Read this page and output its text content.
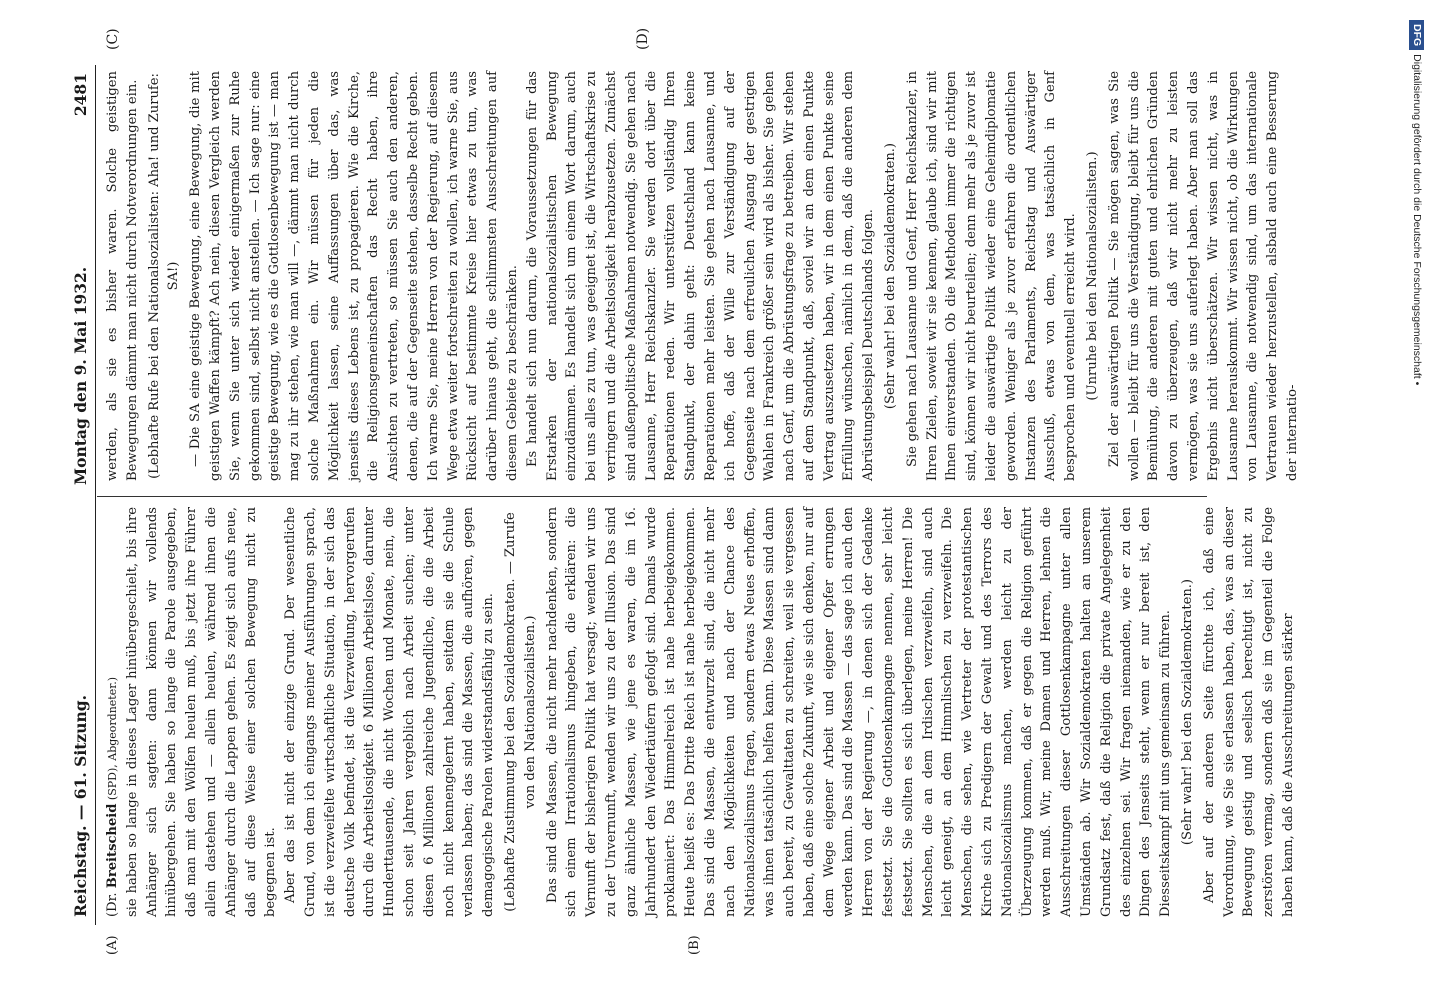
Reichstag. — 61. Sitzung.
Montag den 9. Mai 1932.
2481
(A)	(B)
(C)	(D)

(Dr. Breitscheid (SPD), Abgeordneter.) sie haben so lange in dieses Lager hinübergeschielt, bis ihre Anhänger sich sagten: dann können wir vollends hinübergehen. Sie haben so lange die Parole ausgegeben, daß man mit den Wölfen heulen muß, bis jetzt ihre Führer allein dastehen und — allein heulen, während ihnen die Anhänger durch die Lappen gehen. Es zeigt sich aufs neue, daß auf diese Weise einer solchen Bewegung nicht zu begegnen ist. Aber das ist nicht der einzige Grund. Der wesentliche Grund, von dem ich eingangs meiner Ausführungen sprach, ist die verzweifelte wirtschaftliche Situation, in der sich das deutsche Volk befindet, ist die Verzweiflung, hervorgerufen durch die Arbeitslosigkeit. 6 Millionen Arbeitslose, darunter Hunderttausende, die nicht Wochen und Monate, nein, die schon seit Jahren vergeblich nach Arbeit suchen; unter diesen 6 Millionen zahlreiche Jugendliche, die die Arbeit noch nicht kennengelernt haben, seitdem sie die Schule verlassen haben; das sind die Massen, die aufhören, gegen demagogische Parolen widerstandsfähig zu sein. (Lebhafte Zustimmung bei den Sozialdemokraten. — Zurufe von den Nationalsozialisten.) Das sind die Massen, die nicht mehr nachdenken, sondern sich einem Irrationalismus hingeben, die erklären: die Vernunft der bisherigen Politik hat versagt; wenden wir uns zu der Unvernunft, wenden wir uns zu der Illusion. Das sind ganz ähnliche Massen, wie jene es waren, die im 16. Jahrhundert den Wiedertäufern gefolgt sind. Damals wurde proklamiert: Das Himmelreich ist nahe herbeigekommen. Heute heißt es: Das Dritte Reich ist nahe herbeigekommen. Das sind die Massen, die entwurzelt sind, die nicht mehr nach den Möglichkeiten und nach der Chance des Nationalsozialismus fragen, sondern etwas Neues erhoffen, was ihnen tatsächlich helfen kann. Diese Massen sind dann auch bereit, zu Gewalttaten zu schreiten, weil sie vergessen haben, daß eine solche Zukunft, wie sie sich denken, nur auf dem Wege eigener Arbeit und eigener Opfer errungen werden kann. Das sind die Massen — das sage ich auch den Herren von der Regierung —, in denen sich der Gedanke festsetzt. Sie die Gottlosenkampagne nennen, sehr leicht festsetzt. Sie sollten es sich überlegen, meine Herren! Die Menschen, die an dem Irdischen verzweifeln, sind auch leicht geneigt, an dem Himmlischen zu verzweifeln. Die Menschen, die sehen, wie Vertreter der protestantischen Kirche sich zu Predigern der Gewalt und des Terrors des Nationalsozialismus machen, werden leicht zu der Überzeugung kommen, daß er gegen die Religion geführt werden muß. Wir, meine Damen und Herren, lehnen die Ausschreitungen dieser Gottlosenkampagne unter allen Umständen ab. Wir Sozialdemokraten halten an unserem Grundsatz fest, daß die Religion die private Angelegenheit des einzelnen sei. Wir fragen niemanden, wie er zu den Dingen des Jenseits steht, wenn er nur bereit ist, den Diesseitskampf mit uns gemeinsam zu führen. (Sehr wahr! bei den Sozialdemokraten.) Aber auf der anderen Seite fürchte ich, daß eine Verordnung, wie Sie sie erlassen haben, das, was an dieser Bewegung geistig und seelisch berechtigt ist, nicht zu zerstören vermag, sondern daß sie im Gegenteil die Folge haben kann, daß die Ausschreitungen stärker

werden, als sie es bisher waren. Solche geistigen Bewegungen dämmt man nicht durch Notverordnungen ein. (Lebhafte Rufe bei den Nationalsozialisten: Aha! und Zurufe: SA!) — Die SA eine geistige Bewegung, eine Bewegung, die mit geistigen Waffen kämpft? Ach nein, diesen Vergleich werden Sie, wenn Sie unter sich wieder einigermaßen zur Ruhe gekommen sind, selbst nicht anstellen. — Ich sage nur: eine geistige Bewegung, wie es die Gottlosenbewegung ist — man mag zu ihr stehen, wie man will —, dämmt man nicht durch solche Maßnahmen ein. Wir müssen für jeden die Möglichkeit lassen, seine Auffassungen über das, was jenseits dieses Lebens ist, zu propagieren. Wie die Kirche, die Religionsgemeinschaften das Recht haben, ihre Ansichten zu vertreten, so müssen Sie auch den anderen, denen, die auf der Gegenseite stehen, dasselbe Recht geben. Ich warne Sie, meine Herren von der Regierung, auf diesem Wege etwa weiter fortschreiten zu wollen, ich warne Sie, aus Rücksicht auf bestimmte Kreise hier etwas zu tun, was darüber hinaus geht, die schlimmsten Ausschreitungen auf diesem Gebiete zu beschränken. Es handelt sich nun darum, die Voraussetzungen für das Erstarken der nationalsozialistischen Bewegung einzudämmen. Es handelt sich um einem Wort darum, auch bei uns alles zu tun, was geeignet ist, die Wirtschaftskrise zu verringern und die Arbeitslosigkeit herabzusetzen. Zunächst sind außenpolitische Maßnahmen notwendig. Sie gehen nach Lausanne, Herr Reichskanzler. Sie werden dort über die Reparationen reden. Wir unterstützen vollständig Ihren Standpunkt, der dahin geht: Deutschland kann keine Reparationen mehr leisten. Sie gehen nach Lausanne, und ich hoffe, daß der Wille zur Verständigung auf der Gegenseite nach dem erfreulichen Ausgang der gestrigen Wahlen in Frankreich größer sein wird als bisher. Sie gehen nach Genf, um die Abrüstungsfrage zu betreiben. Wir stehen auf dem Standpunkt, daß, soviel wir an dem einen Punkte Vertrag auszusetzen haben, wir in dem einen Punkte seine Erfüllung wünschen, nämlich in dem, daß die anderen dem Abrüstungsbeispiel Deutschlands folgen. (Sehr wahr! bei den Sozialdemokraten.) Sie gehen nach Lausanne und Genf, Herr Reichskanzler, in Ihren Zielen, soweit wir sie kennen, glaube ich, sind wir mit Ihnen einverstanden. Ob die Methoden immer die richtigen sind, können wir nicht beurteilen; denn mehr als je zuvor ist leider die auswärtige Politik wieder eine Geheimdiplomatie geworden. Weniger als je zuvor erfahren die ordentlichen Instanzen des Parlaments, Reichstag und Auswärtiger Ausschuß, etwas von dem, was tatsächlich in Genf besprochen und eventuell erreicht wird. (Unruhe bei den Nationalsozialisten.) Ziel der auswärtigen Politik — Sie mögen sagen, was Sie wollen — bleibt für uns die Verständigung, bleibt für uns die Bemühung, die anderen mit guten und ehrlichen Gründen davon zu überzeugen, daß wir nicht mehr zu leisten vermögen, was sie uns auferlegt haben. Aber man soll das Ergebnis nicht überschätzen. Wir wissen nicht, was in Lausanne herauskommt. Wir wissen nicht, ob die Wirkungen von Lausanne, die notwendig sind, um das internationale Vertrauen wieder herzustellen, alsbald auch eine Besserung der internatio-

DFGDigitalisierung gefördert durch die Deutsche Forschungsgemeinschaft •
